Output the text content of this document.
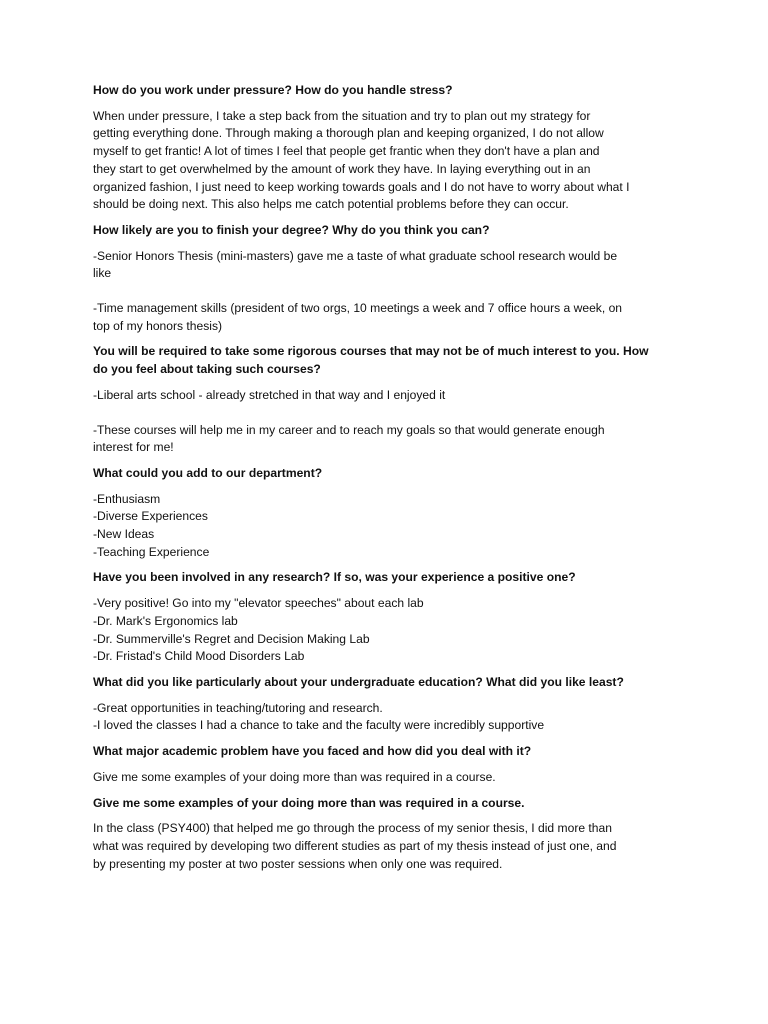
How do you work under pressure? How do you handle stress?
When under pressure, I take a step back from the situation and try to plan out my strategy for
getting everything done. Through making a thorough plan and keeping organized, I do not allow
myself to get frantic! A lot of times I feel that people get frantic when they don't have a plan and
they start to get overwhelmed by the amount of work they have. In laying everything out in an
organized fashion, I just need to keep working towards goals and I do not have to worry about what I
should be doing next. This also helps me catch potential problems before they can occur.
How likely are you to finish your degree? Why do you think you can?
-Senior Honors Thesis (mini-masters) gave me a taste of what graduate school research would be
like
-Time management skills (president of two orgs, 10 meetings a week and 7 office hours a week, on
top of my honors thesis)
You will be required to take some rigorous courses that may not be of much interest to you. How
do you feel about taking such courses?
-Liberal arts school - already stretched in that way and I enjoyed it
-These courses will help me in my career and to reach my goals so that would generate enough
interest for me!
What could you add to our department?
-Enthusiasm
-Diverse Experiences
-New Ideas
-Teaching Experience
Have you been involved in any research? If so, was your experience a positive one?
-Very positive! Go into my "elevator speeches" about each lab
-Dr. Mark's Ergonomics lab
-Dr. Summerville's Regret and Decision Making Lab
-Dr. Fristad's Child Mood Disorders Lab
What did you like particularly about your undergraduate education? What did you like least?
-Great opportunities in teaching/tutoring and research.
-I loved the classes I had a chance to take and the faculty were incredibly supportive
What major academic problem have you faced and how did you deal with it?
Give me some examples of your doing more than was required in a course.
Give me some examples of your doing more than was required in a course.
In the class (PSY400) that helped me go through the process of my senior thesis, I did more than
what was required by developing two different studies as part of my thesis instead of just one, and
by presenting my poster at two poster sessions when only one was required.
